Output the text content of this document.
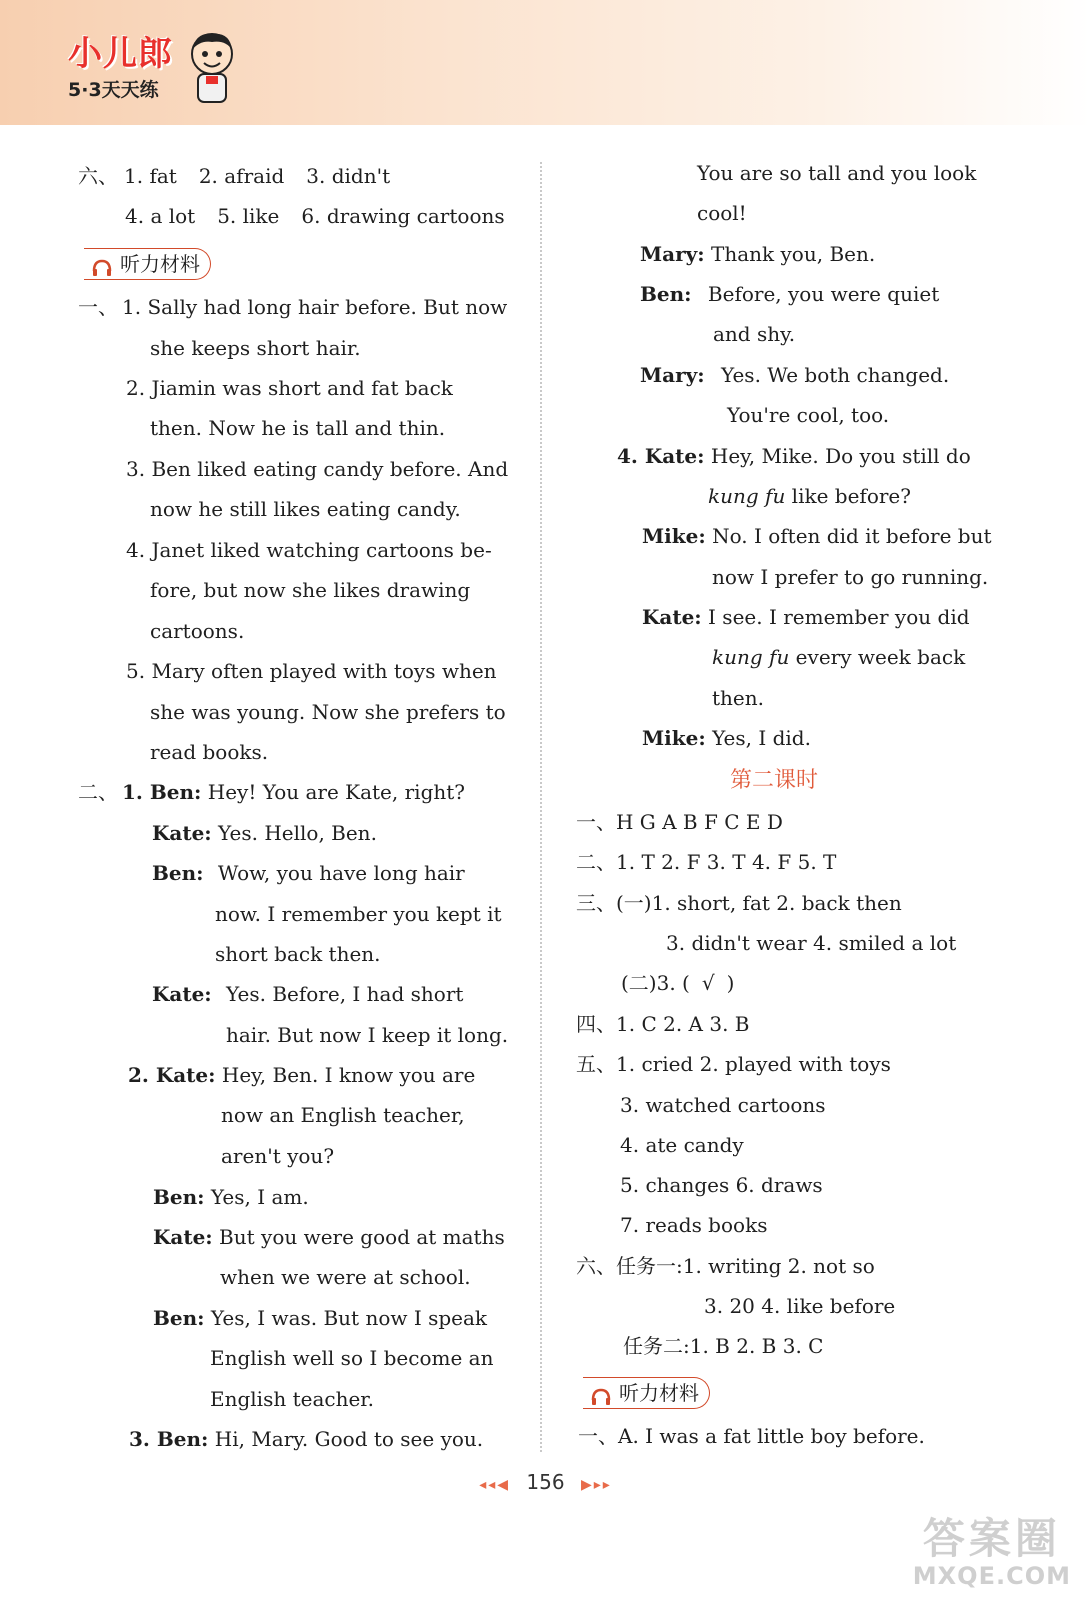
小儿郎
5·3天天练
六、 1. fat 2. afraid 3. didn't
4. a lot 5. like 6. drawing cartoons
听力材料
一、 1. Sally had long hair before. But now
she keeps short hair.
2. Jiamin was short and fat back
then. Now he is tall and thin.
3. Ben liked eating candy before. And
now he still likes eating candy.
4. Janet liked watching cartoons be-
fore, but now she likes drawing
cartoons.
5. Mary often played with toys when
she was young. Now she prefers to
read books.
二、 1. Ben: Hey! You are Kate, right?
Kate: Yes. Hello, Ben.
Ben: Wow, you have long hair
now. I remember you kept it
short back then.
Kate: Yes. Before, I had short
hair. But now I keep it long.
2. Kate: Hey, Ben. I know you are
now an English teacher,
aren't you?
Ben: Yes, I am.
Kate: But you were good at maths
when we were at school.
Ben: Yes, I was. But now I speak
English well so I become an
English teacher.
3. Ben: Hi, Mary. Good to see you.
You are so tall and you look
cool!
Mary: Thank you, Ben.
Ben: Before, you were quiet
and shy.
Mary: Yes. We both changed.
You're cool, too.
4. Kate: Hey, Mike. Do you still do
kung fu like before?
Mike: No. I often did it before but
now I prefer to go running.
Kate: I see. I remember you did
kung fu every week back
then.
Mike: Yes, I did.
第二课时
一、H G A B F C E D
二、1. T 2. F 3. T 4. F 5. T
三、(一)1. short, fat 2. back then
3. didn't wear 4. smiled a lot
(二)3. ( √ )
四、1. C 2. A 3. B
五、1. cried 2. played with toys
3. watched cartoons
4. ate candy
5. changes 6. draws
7. reads books
六、任务一:1. writing 2. not so
3. 20 4. like before
任务二:1. B 2. B 3. C
听力材料
一、A. I was a fat little boy before.
◂◂◀ 156 ▶▸▸
答案圈
MXQE.COM
